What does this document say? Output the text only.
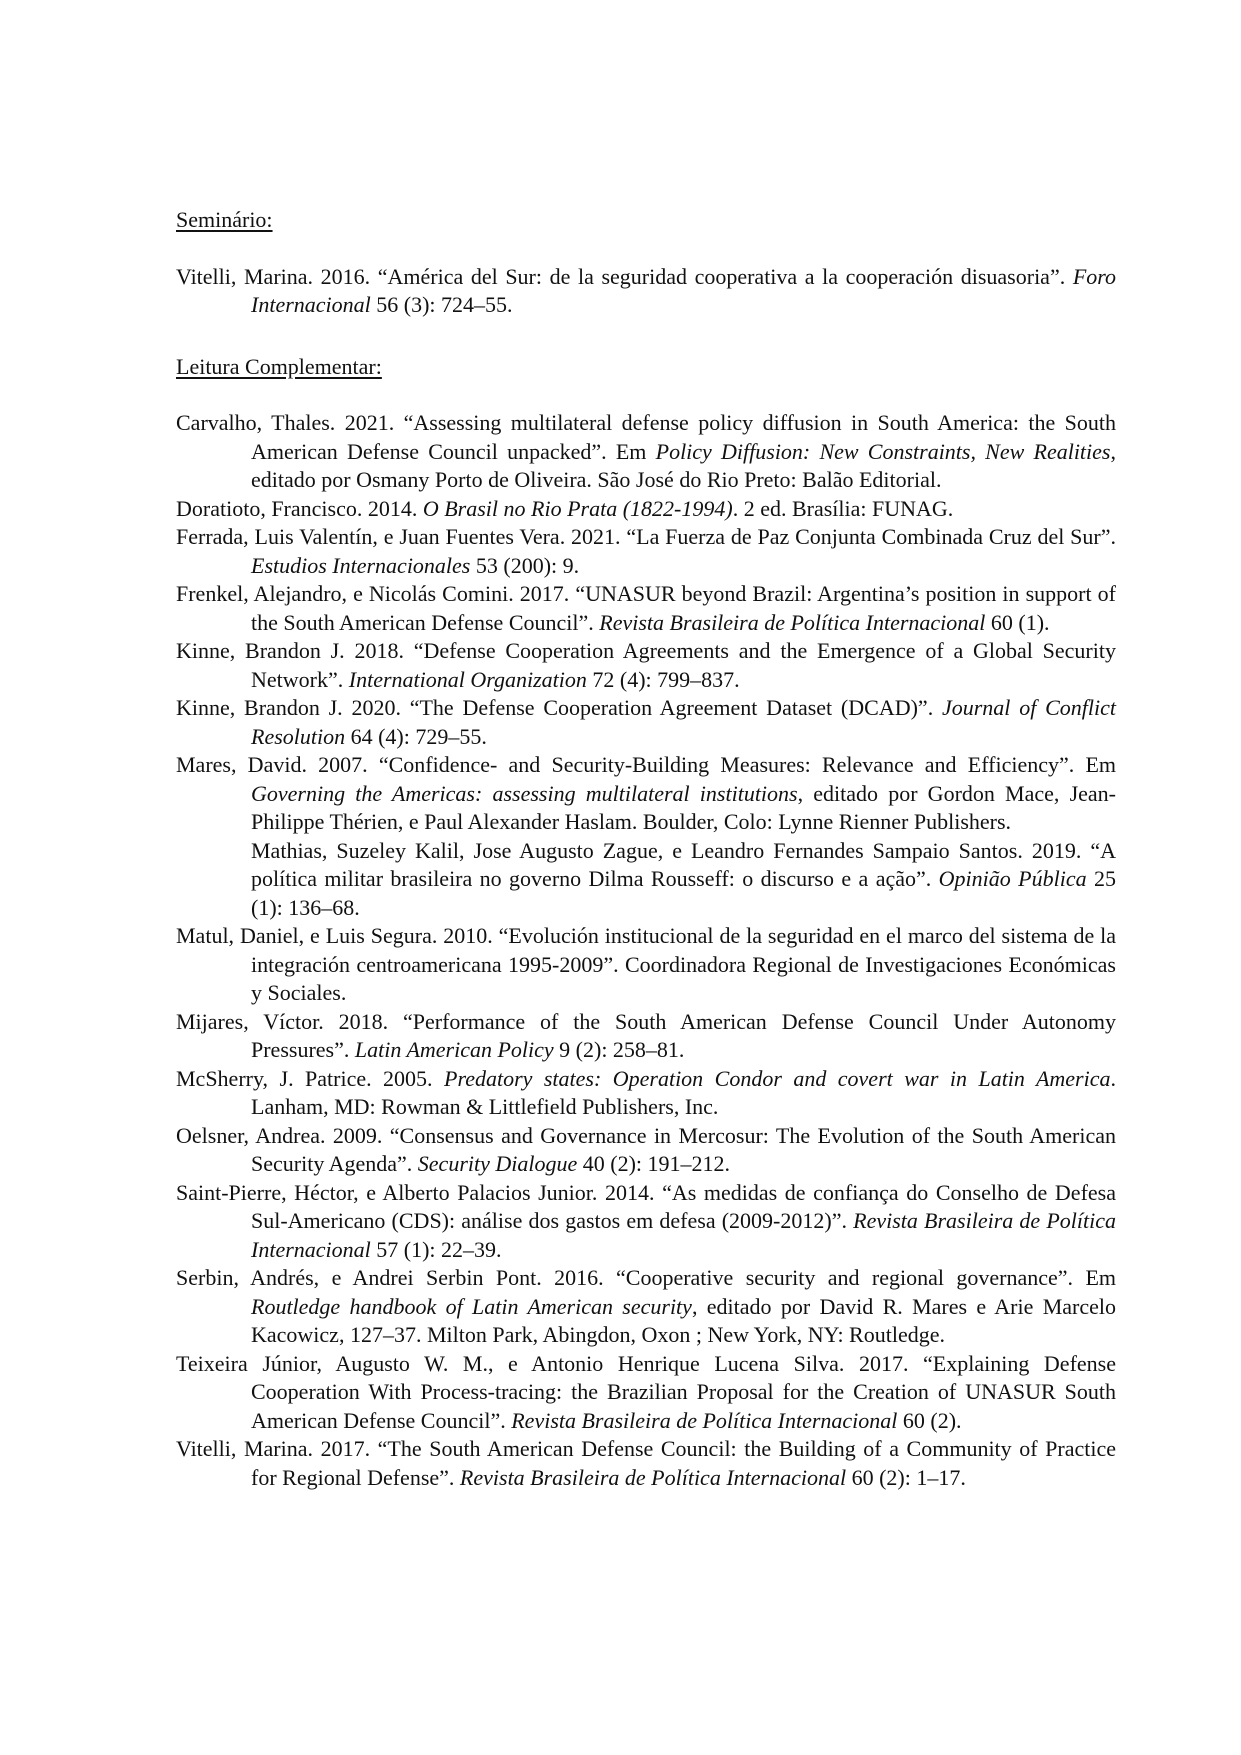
Seminário:

Vitelli, Marina. 2016. “América del Sur: de la seguridad cooperativa a la cooperación disuasoria”. Foro Internacional 56 (3): 724–55.

Leitura Complementar:

Carvalho, Thales. 2021. “Assessing multilateral defense policy diffusion in South America: the South American Defense Council unpacked”. Em Policy Diffusion: New Constraints, New Realities, editado por Osmany Porto de Oliveira. São José do Rio Preto: Balão Editorial.

Doratioto, Francisco. 2014. O Brasil no Rio Prata (1822-1994). 2 ed. Brasília: FUNAG.

Ferrada, Luis Valentín, e Juan Fuentes Vera. 2021. “La Fuerza de Paz Conjunta Combinada Cruz del Sur”. Estudios Internacionales 53 (200): 9.

Frenkel, Alejandro, e Nicolás Comini. 2017. “UNASUR beyond Brazil: Argentina’s position in support of the South American Defense Council”. Revista Brasileira de Política Internacional 60 (1).

Kinne, Brandon J. 2018. “Defense Cooperation Agreements and the Emergence of a Global Security Network”. International Organization 72 (4): 799–837.

Kinne, Brandon J. 2020. “The Defense Cooperation Agreement Dataset (DCAD)”. Journal of Conflict Resolution 64 (4): 729–55.

Mares, David. 2007. “Confidence- and Security-Building Measures: Relevance and Efficiency”. Em Governing the Americas: assessing multilateral institutions, editado por Gordon Mace, Jean-Philippe Thérien, e Paul Alexander Haslam. Boulder, Colo: Lynne Rienner Publishers.

Mathias, Suzeley Kalil, Jose Augusto Zague, e Leandro Fernandes Sampaio Santos. 2019. “A política militar brasileira no governo Dilma Rousseff: o discurso e a ação”. Opinião Pública 25 (1): 136–68.

Matul, Daniel, e Luis Segura. 2010. “Evolución institucional de la seguridad en el marco del sistema de la integración centroamericana 1995-2009”. Coordinadora Regional de Investigaciones Económicas y Sociales.

Mijares, Víctor. 2018. “Performance of the South American Defense Council Under Autonomy Pressures”. Latin American Policy 9 (2): 258–81.

McSherry, J. Patrice. 2005. Predatory states: Operation Condor and covert war in Latin America. Lanham, MD: Rowman & Littlefield Publishers, Inc.

Oelsner, Andrea. 2009. “Consensus and Governance in Mercosur: The Evolution of the South American Security Agenda”. Security Dialogue 40 (2): 191–212.

Saint-Pierre, Héctor, e Alberto Palacios Junior. 2014. “As medidas de confiança do Conselho de Defesa Sul-Americano (CDS): análise dos gastos em defesa (2009-2012)”. Revista Brasileira de Política Internacional 57 (1): 22–39.

Serbin, Andrés, e Andrei Serbin Pont. 2016. “Cooperative security and regional governance”. Em Routledge handbook of Latin American security, editado por David R. Mares e Arie Marcelo Kacowicz, 127–37. Milton Park, Abingdon, Oxon ; New York, NY: Routledge.

Teixeira Júnior, Augusto W. M., e Antonio Henrique Lucena Silva. 2017. “Explaining Defense Cooperation With Process-tracing: the Brazilian Proposal for the Creation of UNASUR South American Defense Council”. Revista Brasileira de Política Internacional 60 (2).

Vitelli, Marina. 2017. “The South American Defense Council: the Building of a Community of Practice for Regional Defense”. Revista Brasileira de Política Internacional 60 (2): 1–17.
